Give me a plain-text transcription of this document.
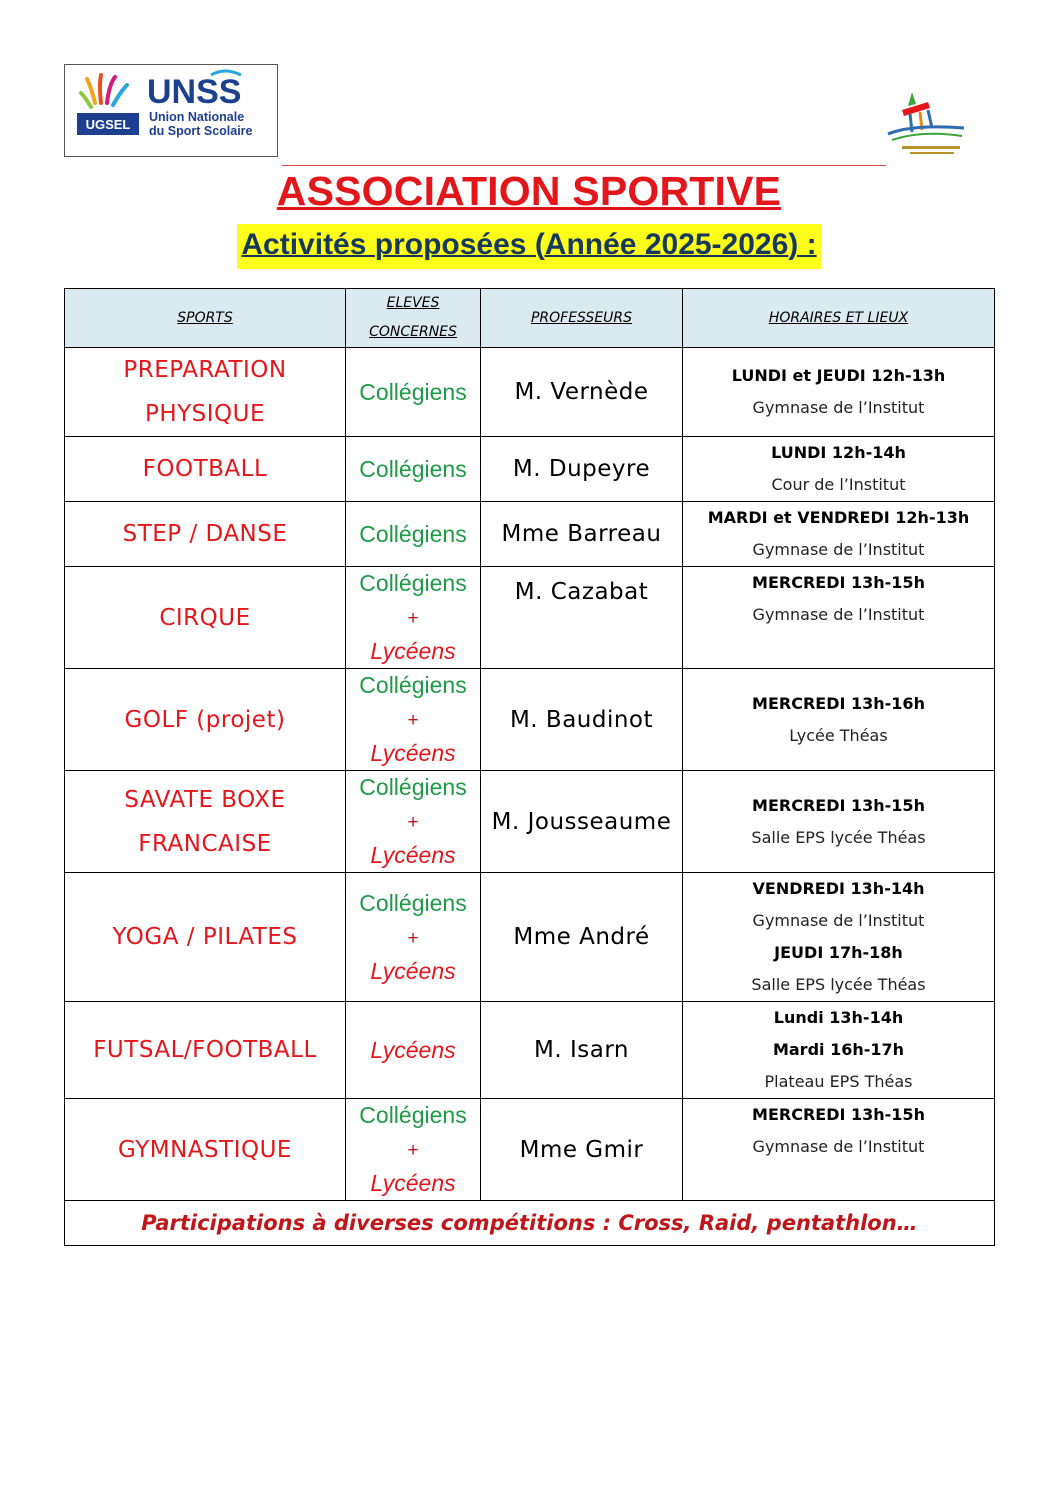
UGSEL
UNSS
Union Nationale
du Sport Scolaire
ASSOCIATION SPORTIVE
Activités proposées (Année 2025-2026) :
SPORTS	ELEVES
CONCERNES	PROFESSEURS	HORAIRES ET LIEUX
PREPARATION
PHYSIQUE	Collégiens	M. Vernède	LUNDI et JEUDI 12h-13h
Gymnase de l’Institut
FOOTBALL	Collégiens	M. Dupeyre	LUNDI 12h-14h
Cour de l’Institut
STEP / DANSE	Collégiens	Mme Barreau	MARDI et VENDREDI 12h-13h
Gymnase de l’Institut
CIRQUE	Collégiens
+
Lycéens	M. Cazabat	MERCREDI 13h-15h
Gymnase de l’Institut
GOLF (projet)	Collégiens
+
Lycéens	M. Baudinot	MERCREDI 13h-16h
Lycée Théas
SAVATE BOXE
FRANCAISE	Collégiens
+
Lycéens	M. Jousseaume	MERCREDI 13h-15h
Salle EPS lycée Théas
YOGA / PILATES	Collégiens
+
Lycéens	Mme André	VENDREDI 13h-14h
Gymnase de l’Institut
JEUDI 17h-18h
Salle EPS lycée Théas
FUTSAL/FOOTBALL	Lycéens	M. Isarn	Lundi 13h-14h
Mardi 16h-17h
Plateau EPS Théas
GYMNASTIQUE	Collégiens
+
Lycéens	Mme Gmir	MERCREDI 13h-15h
Gymnase de l’Institut
Participations à diverses compétitions : Cross, Raid, pentathlon…			
